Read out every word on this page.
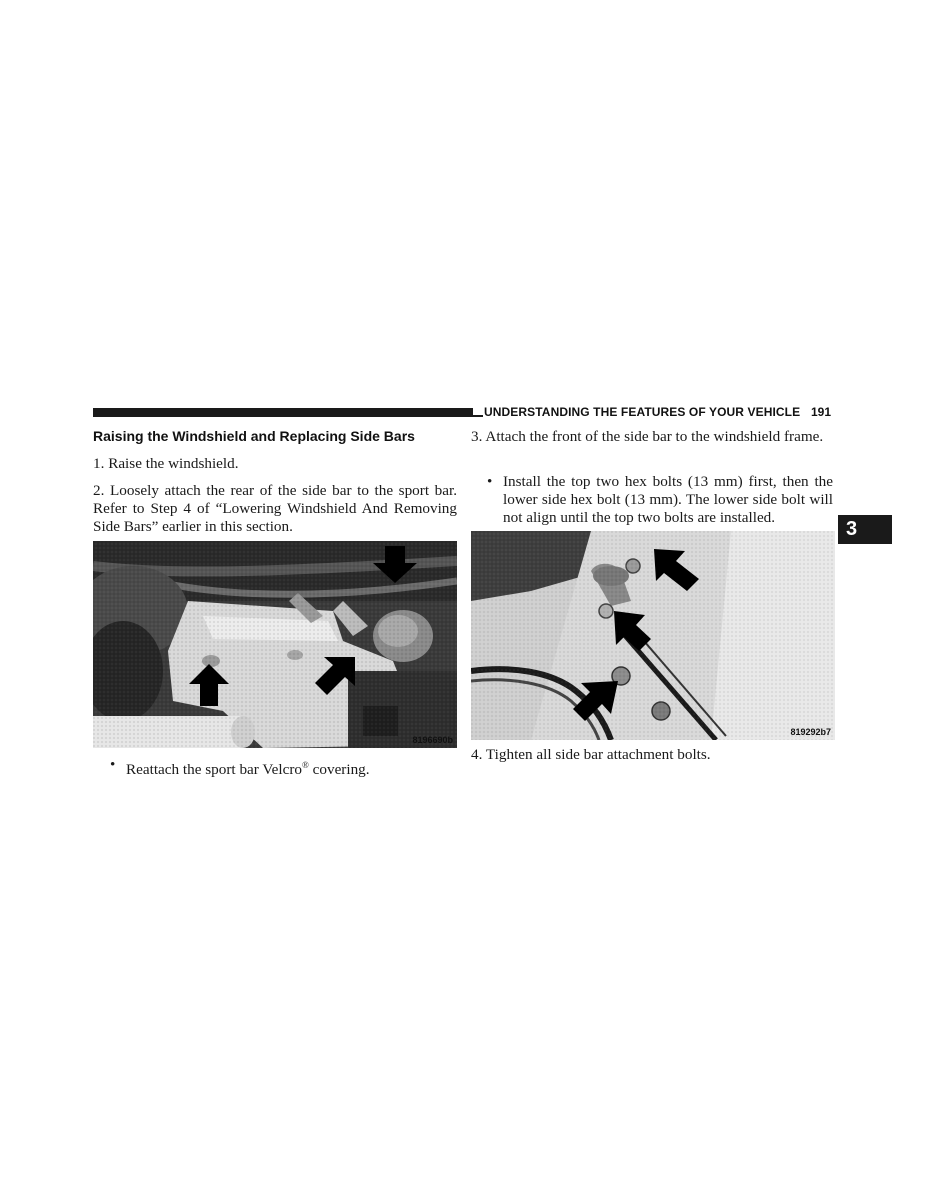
UNDERSTANDING THE FEATURES OF YOUR VEHICLE 191
3
Raising the Windshield and Replacing Side Bars
1. Raise the windshield.
2. Loosely attach the rear of the side bar to the sport bar. Refer to Step 4 of “Lowering Windshield And Removing Side Bars” earlier in this section.
8196690b
• Reattach the sport bar Velcro® covering.
3. Attach the front of the side bar to the windshield frame.
• Install the top two hex bolts (13 mm) first, then the lower side hex bolt (13 mm). The lower side bolt will not align until the top two bolts are installed.
819292b7
4. Tighten all side bar attachment bolts.
